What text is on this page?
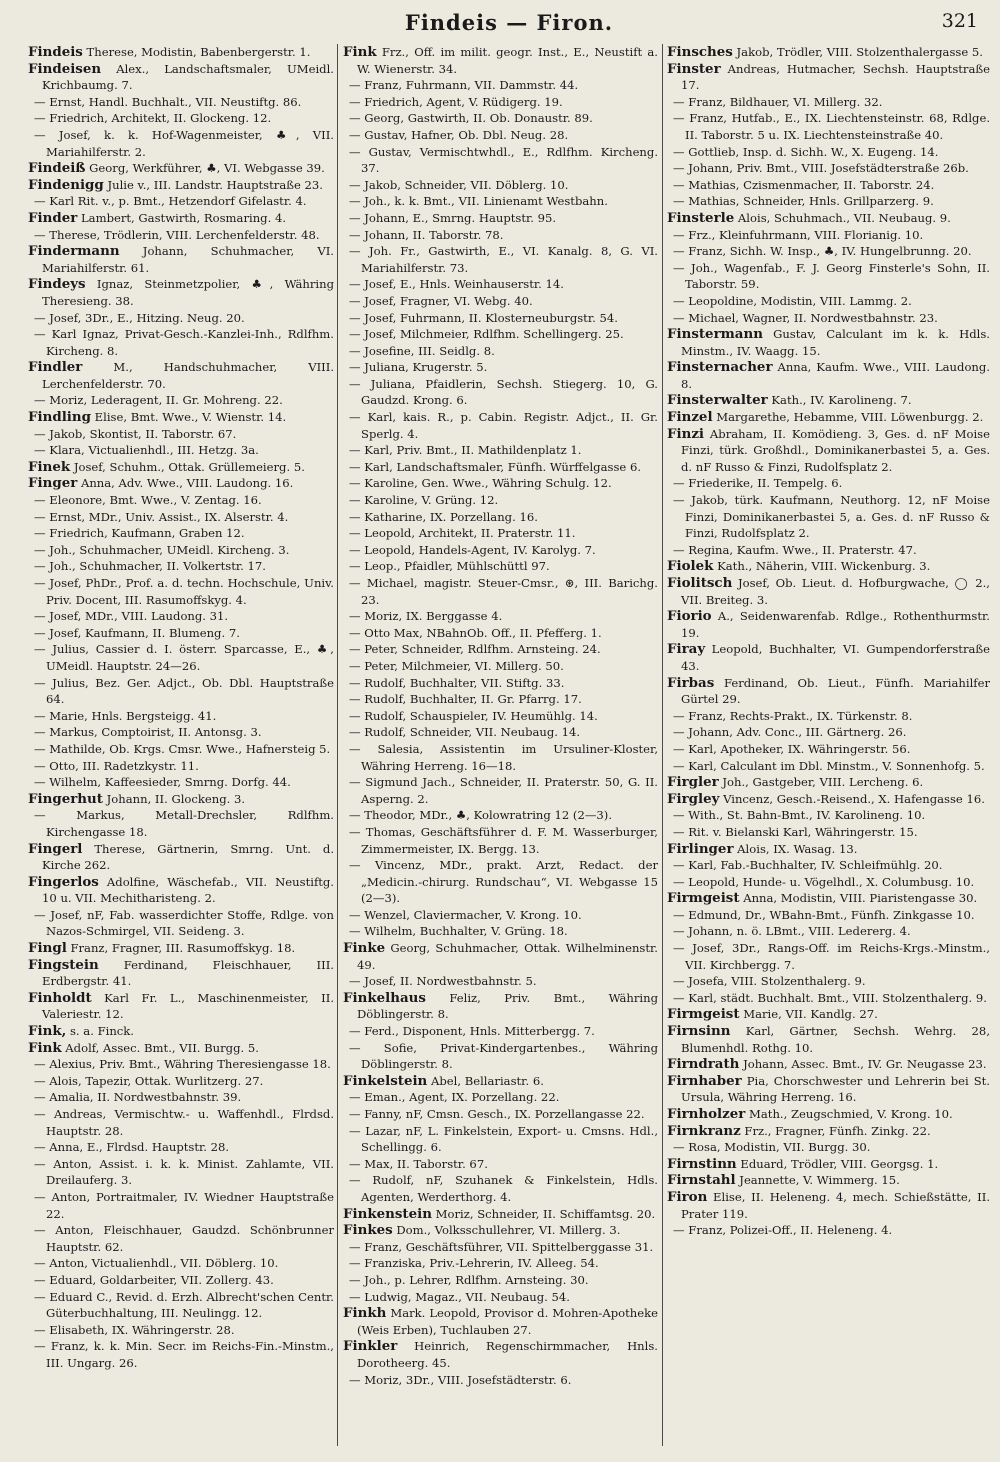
Findeis — Firon.	321
Findeis Therese, Modistin, Babenbergerstr. 1.
Findeisen Alex., Landschaftsmaler, UMeidl. Krichbaumg. 7.
— Ernst, Handl. Buchhalt., VII. Neustiftg. 86.
— Friedrich, Architekt, II. Glockeng. 12.
— Josef, k. k. Hof-Wagenmeister, ♣, VII. Mariahilferstr. 2.
Findeiß Georg, Werkführer, ♣, VI. Webgasse 39.
Findenigg Julie v., III. Landstr. Hauptstraße 23.
— Karl Rit. v., p. Bmt., Hetzendorf Gifelastr. 4.
Finder Lambert, Gastwirth, Rosmaring. 4.
— Therese, Trödlerin, VIII. Lerchenfelderstr. 48.
Findermann Johann, Schuhmacher, VI. Mariahilferstr. 61.
Findeys Ignaz, Steinmetzpolier, ♣, Währing Theresieng. 38.
— Josef, 3Dr., E., Hitzing. Neug. 20.
— Karl Ignaz, Privat-Gesch.-Kanzlei-Inh., Rdlfhm. Kircheng. 8.
Findler M., Handschuhmacher, VIII. Lerchenfelderstr. 70.
— Moriz, Lederagent, II. Gr. Mohreng. 22.
Findling Elise, Bmt. Wwe., V. Wienstr. 14.
— Jakob, Skontist, II. Taborstr. 67.
— Klara, Victualienhdl., III. Hetzg. 3a.
Finek Josef, Schuhm., Ottak. Grüllemeierg. 5.
Finger Anna, Adv. Wwe., VIII. Laudong. 16.
— Eleonore, Bmt. Wwe., V. Zentag. 16.
— Ernst, MDr., Univ. Assist., IX. Alserstr. 4.
— Friedrich, Kaufmann, Graben 12.
— Joh., Schuhmacher, UMeidl. Kircheng. 3.
— Joh., Schuhmacher, II. Volkertstr. 17.
— Josef, PhDr., Prof. a. d. techn. Hochschule, Univ. Priv. Docent, III. Rasumoffskyg. 4.
— Josef, MDr., VIII. Laudong. 31.
— Josef, Kaufmann, II. Blumeng. 7.
— Julius, Cassier d. I. österr. Sparcasse, E., ♣, UMeidl. Hauptstr. 24—26.
— Julius, Bez. Ger. Adjct., Ob. Dbl. Hauptstraße 64.
— Marie, Hnls. Bergsteigg. 41.
— Markus, Comptoirist, II. Antonsg. 3.
— Mathilde, Ob. Krgs. Cmsr. Wwe., Hafnersteig 5.
— Otto, III. Radetzkystr. 11.
— Wilhelm, Kaffeesieder, Smrng. Dorfg. 44.
Fingerhut Johann, II. Glockeng. 3.
— Markus, Metall-Drechsler, Rdlfhm. Kirchengasse 18.
Fingerl Therese, Gärtnerin, Smrng. Unt. d. Kirche 262.
Fingerlos Adolfine, Wäschefab., VII. Neustiftg. 10 u. VII. Mechitharisteng. 2.
— Josef, nF, Fab. wasserdichter Stoffe, Rdlge. von Nazos-Schmirgel, VII. Seideng. 3.
Fingl Franz, Fragner, III. Rasumoffskyg. 18.
Fingstein Ferdinand, Fleischhauer, III. Erdbergstr. 41.
Finholdt Karl Fr. L., Maschinenmeister, II. Valeriestr. 12.
Fink, s. a. Finck.
Fink Adolf, Assec. Bmt., VII. Burgg. 5.
— Alexius, Priv. Bmt., Währing Theresiengasse 18.
— Alois, Tapezir, Ottak. Wurlitzerg. 27.
— Amalia, II. Nordwestbahnstr. 39.
— Andreas, Vermischtw.- u. Waffenhdl., Flrdsd. Hauptstr. 28.
— Anna, E., Flrdsd. Hauptstr. 28.
— Anton, Assist. i. k. k. Minist. Zahlamte, VII. Dreilauferg. 3.
— Anton, Portraitmaler, IV. Wiedner Hauptstraße 22.
— Anton, Fleischhauer, Gaudzd. Schönbrunner Hauptstr. 62.
— Anton, Victualienhdl., VII. Döblerg. 10.
— Eduard, Goldarbeiter, VII. Zollerg. 43.
— Eduard C., Revid. d. Erzh. Albrecht'schen Centr. Güterbuchhaltung, III. Neulingg. 12.
— Elisabeth, IX. Währingerstr. 28.
— Franz, k. k. Min. Secr. im Reichs-Fin.-Minstm., III. Ungarg. 26.
Fink Frz., Off. im milit. geogr. Inst., E., Neustift a. W. Wienerstr. 34.
— Franz, Fuhrmann, VII. Dammstr. 44.
— Friedrich, Agent, V. Rüdigerg. 19.
— Georg, Gastwirth, II. Ob. Donaustr. 89.
— Gustav, Hafner, Ob. Dbl. Neug. 28.
— Gustav, Vermischtwhdl., E., Rdlfhm. Kircheng. 37.
— Jakob, Schneider, VII. Döblerg. 10.
— Joh., k. k. Bmt., VII. Linienamt Westbahn.
— Johann, E., Smrng. Hauptstr. 95.
— Johann, II. Taborstr. 78.
— Joh. Fr., Gastwirth, E., VI. Kanalg. 8, G. VI. Mariahilferstr. 73.
— Josef, E., Hnls. Weinhauserstr. 14.
— Josef, Fragner, VI. Webg. 40.
— Josef, Fuhrmann, II. Klosterneuburgstr. 54.
— Josef, Milchmeier, Rdlfhm. Schellingerg. 25.
— Josefine, III. Seidlg. 8.
— Juliana, Krugerstr. 5.
— Juliana, Pfaidlerin, Sechsh. Stiegerg. 10, G. Gaudzd. Krong. 6.
— Karl, kais. R., p. Cabin. Registr. Adjct., II. Gr. Sperlg. 4.
— Karl, Priv. Bmt., II. Mathildenplatz 1.
— Karl, Landschaftsmaler, Fünfh. Würffelgasse 6.
— Karoline, Gen. Wwe., Währing Schulg. 12.
— Karoline, V. Grüng. 12.
— Katharine, IX. Porzellang. 16.
— Leopold, Architekt, II. Praterstr. 11.
— Leopold, Handels-Agent, IV. Karolyg. 7.
— Leop., Pfaidler, Mühlschüttl 97.
— Michael, magistr. Steuer-Cmsr., ⊛, III. Barichg. 23.
— Moriz, IX. Berggasse 4.
— Otto Max, NBahnOb. Off., II. Pfefferg. 1.
— Peter, Schneider, Rdlfhm. Arnsteing. 24.
— Peter, Milchmeier, VI. Millerg. 50.
— Rudolf, Buchhalter, VII. Stiftg. 33.
— Rudolf, Buchhalter, II. Gr. Pfarrg. 17.
— Rudolf, Schauspieler, IV. Heumühlg. 14.
— Rudolf, Schneider, VII. Neubaug. 14.
— Salesia, Assistentin im Ursuliner-Kloster, Währing Herreng. 16—18.
— Sigmund Jach., Schneider, II. Praterstr. 50, G. II. Asperng. 2.
— Theodor, MDr., ♣, Kolowratring 12 (2—3).
— Thomas, Geschäftsführer d. F. M. Wasserburger, Zimmermeister, IX. Bergg. 13.
— Vincenz, MDr., prakt. Arzt, Redact. der „Medicin.-chirurg. Rundschau“, VI. Webgasse 15 (2—3).
— Wenzel, Claviermacher, V. Krong. 10.
— Wilhelm, Buchhalter, V. Grüng. 18.
Finke Georg, Schuhmacher, Ottak. Wilhelminenstr. 49.
— Josef, II. Nordwestbahnstr. 5.
Finkelhaus Feliz, Priv. Bmt., Währing Döblingerstr. 8.
— Ferd., Disponent, Hnls. Mitterbergg. 7.
— Sofie, Privat-Kindergartenbes., Währing Döblingerstr. 8.
Finkelstein Abel, Bellariastr. 6.
— Eman., Agent, IX. Porzellang. 22.
— Fanny, nF, Cmsn. Gesch., IX. Porzellangasse 22.
— Lazar, nF, L. Finkelstein, Export- u. Cmsns. Hdl., Schellingg. 6.
— Max, II. Taborstr. 67.
— Rudolf, nF, Szuhanek & Finkelstein, Hdls. Agenten, Werderthorg. 4.
Finkenstein Moriz, Schneider, II. Schiffamtsg. 20.
Finkes Dom., Volksschullehrer, VI. Millerg. 3.
— Franz, Geschäftsführer, VII. Spittelberggasse 31.
— Franziska, Priv.-Lehrerin, IV. Alleeg. 54.
— Joh., p. Lehrer, Rdlfhm. Arnsteing. 30.
— Ludwig, Magaz., VII. Neubaug. 54.
Finkh Mark. Leopold, Provisor d. Mohren-Apotheke (Weis Erben), Tuchlauben 27.
Finkler Heinrich, Regenschirmmacher, Hnls. Dorotheerg. 45.
— Moriz, 3Dr., VIII. Josefstädterstr. 6.
Finsches Jakob, Trödler, VIII. Stolzenthalergasse 5.
Finster Andreas, Hutmacher, Sechsh. Hauptstraße 17.
— Franz, Bildhauer, VI. Millerg. 32.
— Franz, Hutfab., E., IX. Liechtensteinstr. 68, Rdlge. II. Taborstr. 5 u. IX. Liechtensteinstraße 40.
— Gottlieb, Insp. d. Sichh. W., X. Eugeng. 14.
— Johann, Priv. Bmt., VIII. Josefstädterstraße 26b.
— Mathias, Czismenmacher, II. Taborstr. 24.
— Mathias, Schneider, Hnls. Grillparzerg. 9.
Finsterle Alois, Schuhmach., VII. Neubaug. 9.
— Frz., Kleinfuhrmann, VIII. Florianig. 10.
— Franz, Sichh. W. Insp., ♣, IV. Hungelbrunng. 20.
— Joh., Wagenfab., F. J. Georg Finsterle's Sohn, II. Taborstr. 59.
— Leopoldine, Modistin, VIII. Lammg. 2.
— Michael, Wagner, II. Nordwestbahnstr. 23.
Finstermann Gustav, Calculant im k. k. Hdls. Minstm., IV. Waagg. 15.
Finsternacher Anna, Kaufm. Wwe., VIII. Laudong. 8.
Finsterwalter Kath., IV. Karolineng. 7.
Finzel Margarethe, Hebamme, VIII. Löwenburgg. 2.
Finzi Abraham, II. Komödieng. 3, Ges. d. nF Moise Finzi, türk. Großhdl., Dominikanerbastei 5, a. Ges. d. nF Russo & Finzi, Rudolfsplatz 2.
— Friederike, II. Tempelg. 6.
— Jakob, türk. Kaufmann, Neuthorg. 12, nF Moise Finzi, Dominikanerbastei 5, a. Ges. d. nF Russo & Finzi, Rudolfsplatz 2.
— Regina, Kaufm. Wwe., II. Praterstr. 47.
Fiolek Kath., Näherin, VIII. Wickenburg. 3.
Fiolitsch Josef, Ob. Lieut. d. Hofburgwache, ◯ 2., VII. Breiteg. 3.
Fiorio A., Seidenwarenfab. Rdlge., Rothenthurmstr. 19.
Firay Leopold, Buchhalter, VI. Gumpendorferstraße 43.
Firbas Ferdinand, Ob. Lieut., Fünfh. Mariahilfer Gürtel 29.
— Franz, Rechts-Prakt., IX. Türkenstr. 8.
— Johann, Adv. Conc., III. Gärtnerg. 26.
— Karl, Apotheker, IX. Währingerstr. 56.
— Karl, Calculant im Dbl. Minstm., V. Sonnenhofg. 5.
Firgler Joh., Gastgeber, VIII. Lercheng. 6.
Firgley Vincenz, Gesch.-Reisend., X. Hafengasse 16.
— With., St. Bahn-Bmt., IV. Karolineng. 10.
— Rit. v. Bielanski Karl, Währingerstr. 15.
Firlinger Alois, IX. Wasag. 13.
— Karl, Fab.-Buchhalter, IV. Schleifmühlg. 20.
— Leopold, Hunde- u. Vögelhdl., X. Columbusg. 10.
Firmgeist Anna, Modistin, VIII. Piaristengasse 30.
— Edmund, Dr., WBahn-Bmt., Fünfh. Zinkgasse 10.
— Johann, n. ö. LBmt., VIII. Ledererg. 4.
— Josef, 3Dr., Rangs-Off. im Reichs-Krgs.-Minstm., VII. Kirchbergg. 7.
— Josefa, VIII. Stolzenthalerg. 9.
— Karl, städt. Buchhalt. Bmt., VIII. Stolzenthalerg. 9.
Firmgeist Marie, VII. Kandlg. 27.
Firnsinn Karl, Gärtner, Sechsh. Wehrg. 28, Blumenhdl. Rothg. 10.
Firndrath Johann, Assec. Bmt., IV. Gr. Neugasse 23.
Firnhaber Pia, Chorschwester und Lehrerin bei St. Ursula, Währing Herreng. 16.
Firnholzer Math., Zeugschmied, V. Krong. 10.
Firnkranz Frz., Fragner, Fünfh. Zinkg. 22.
— Rosa, Modistin, VII. Burgg. 30.
Firnstinn Eduard, Trödler, VIII. Georgsg. 1.
Firnstahl Jeannette, V. Wimmerg. 15.
Firon Elise, II. Heleneng. 4, mech. Schießstätte, II. Prater 119.
— Franz, Polizei-Off., II. Heleneng. 4.
